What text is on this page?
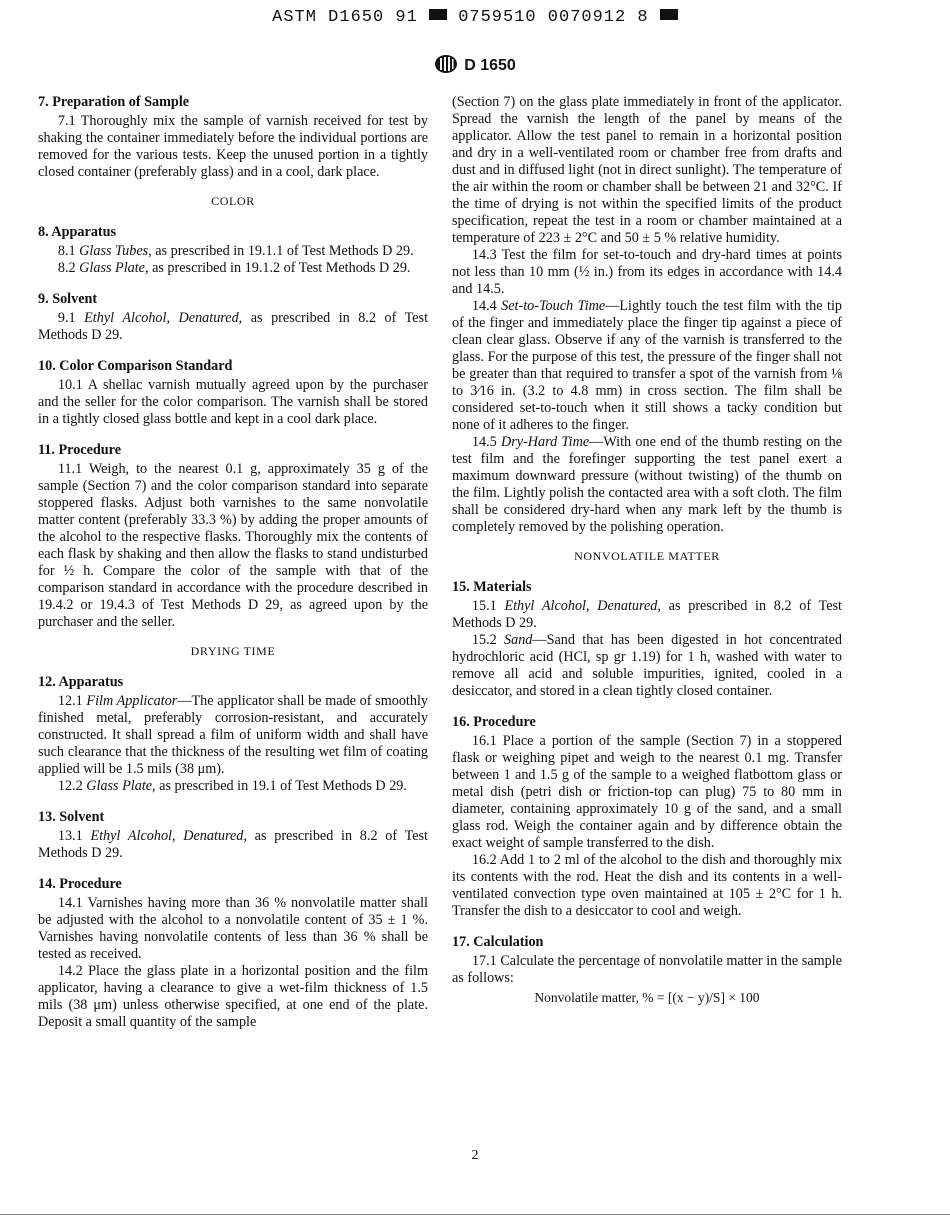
ASTM D1650 91 0759510 0070912 8
D 1650
7. Preparation of Sample

7.1 Thoroughly mix the sample of varnish received for test by shaking the container immediately before the individual portions are removed for the various tests. Keep the unused portion in a tightly closed container (preferably glass) and in a cool, dark place.

COLOR
8. Apparatus

8.1 Glass Tubes, as prescribed in 19.1.1 of Test Methods D 29.

8.2 Glass Plate, as prescribed in 19.1.2 of Test Methods D 29.

9. Solvent

9.1 Ethyl Alcohol, Denatured, as prescribed in 8.2 of Test Methods D 29.

10. Color Comparison Standard

10.1 A shellac varnish mutually agreed upon by the purchaser and the seller for the color comparison. The varnish shall be stored in a tightly closed glass bottle and kept in a cool dark place.

11. Procedure

11.1 Weigh, to the nearest 0.1 g, approximately 35 g of the sample (Section 7) and the color comparison standard into separate stoppered flasks. Adjust both varnishes to the same nonvolatile matter content (preferably 33.3 %) by adding the proper amounts of the alcohol to the respective flasks. Thoroughly mix the contents of each flask by shaking and then allow the flasks to stand undisturbed for ½ h. Compare the color of the sample with that of the comparison standard in accordance with the procedure described in 19.4.2 or 19.4.3 of Test Methods D 29, as agreed upon by the purchaser and the seller.

DRYING TIME
12. Apparatus

12.1 Film Applicator—The applicator shall be made of smoothly finished metal, preferably corrosion-resistant, and accurately constructed. It shall spread a film of uniform width and shall have such clearance that the thickness of the resulting wet film of coating applied will be 1.5 mils (38 μm).

12.2 Glass Plate, as prescribed in 19.1 of Test Methods D 29.

13. Solvent

13.1 Ethyl Alcohol, Denatured, as prescribed in 8.2 of Test Methods D 29.

14. Procedure

14.1 Varnishes having more than 36 % nonvolatile matter shall be adjusted with the alcohol to a nonvolatile content of 35 ± 1 %. Varnishes having nonvolatile contents of less than 36 % shall be tested as received.

14.2 Place the glass plate in a horizontal position and the film applicator, having a clearance to give a wet-film thickness of 1.5 mils (38 μm) unless otherwise specified, at one end of the plate. Deposit a small quantity of the sample

(Section 7) on the glass plate immediately in front of the applicator. Spread the varnish the length of the panel by means of the applicator. Allow the test panel to remain in a horizontal position and dry in a well-ventilated room or chamber free from drafts and dust and in diffused light (not in direct sunlight). The temperature of the air within the room or chamber shall be between 21 and 32°C. If the time of drying is not within the specified limits of the product specification, repeat the test in a room or chamber maintained at a temperature of 223 ± 2°C and 50 ± 5 % relative humidity.

14.3 Test the film for set-to-touch and dry-hard times at points not less than 10 mm (½ in.) from its edges in accordance with 14.4 and 14.5.

14.4 Set-to-Touch Time—Lightly touch the test film with the tip of the finger and immediately place the finger tip against a piece of clean clear glass. Observe if any of the varnish is transferred to the glass. For the purpose of this test, the pressure of the finger shall not be greater than that required to transfer a spot of the varnish from ⅛ to 3⁄16 in. (3.2 to 4.8 mm) in cross section. The film shall be considered set-to-touch when it still shows a tacky condition but none of it adheres to the finger.

14.5 Dry-Hard Time—With one end of the thumb resting on the test film and the forefinger supporting the test panel exert a maximum downward pressure (without twisting) of the thumb on the film. Lightly polish the contacted area with a soft cloth. The film shall be considered dry-hard when any mark left by the thumb is completely removed by the polishing operation.

NONVOLATILE MATTER
15. Materials

15.1 Ethyl Alcohol, Denatured, as prescribed in 8.2 of Test Methods D 29.

15.2 Sand—Sand that has been digested in hot concentrated hydrochloric acid (HCl, sp gr 1.19) for 1 h, washed with water to remove all acid and soluble impurities, ignited, cooled in a desiccator, and stored in a clean tightly closed container.

16. Procedure

16.1 Place a portion of the sample (Section 7) in a stoppered flask or weighing pipet and weigh to the nearest 0.1 mg. Transfer between 1 and 1.5 g of the sample to a weighed flatbottom glass or metal dish (petri dish or friction-top can plug) 75 to 80 mm in diameter, containing approximately 10 g of the sand, and a small glass rod. Weigh the container again and by difference obtain the exact weight of sample transferred to the dish.

16.2 Add 1 to 2 ml of the alcohol to the dish and thoroughly mix its contents with the rod. Heat the dish and its contents in a well-ventilated convection type oven maintained at 105 ± 2°C for 1 h. Transfer the dish to a desiccator to cool and weigh.

17. Calculation

17.1 Calculate the percentage of nonvolatile matter in the sample as follows:

Nonvolatile matter, % = [(x − y)/S] × 100
2
